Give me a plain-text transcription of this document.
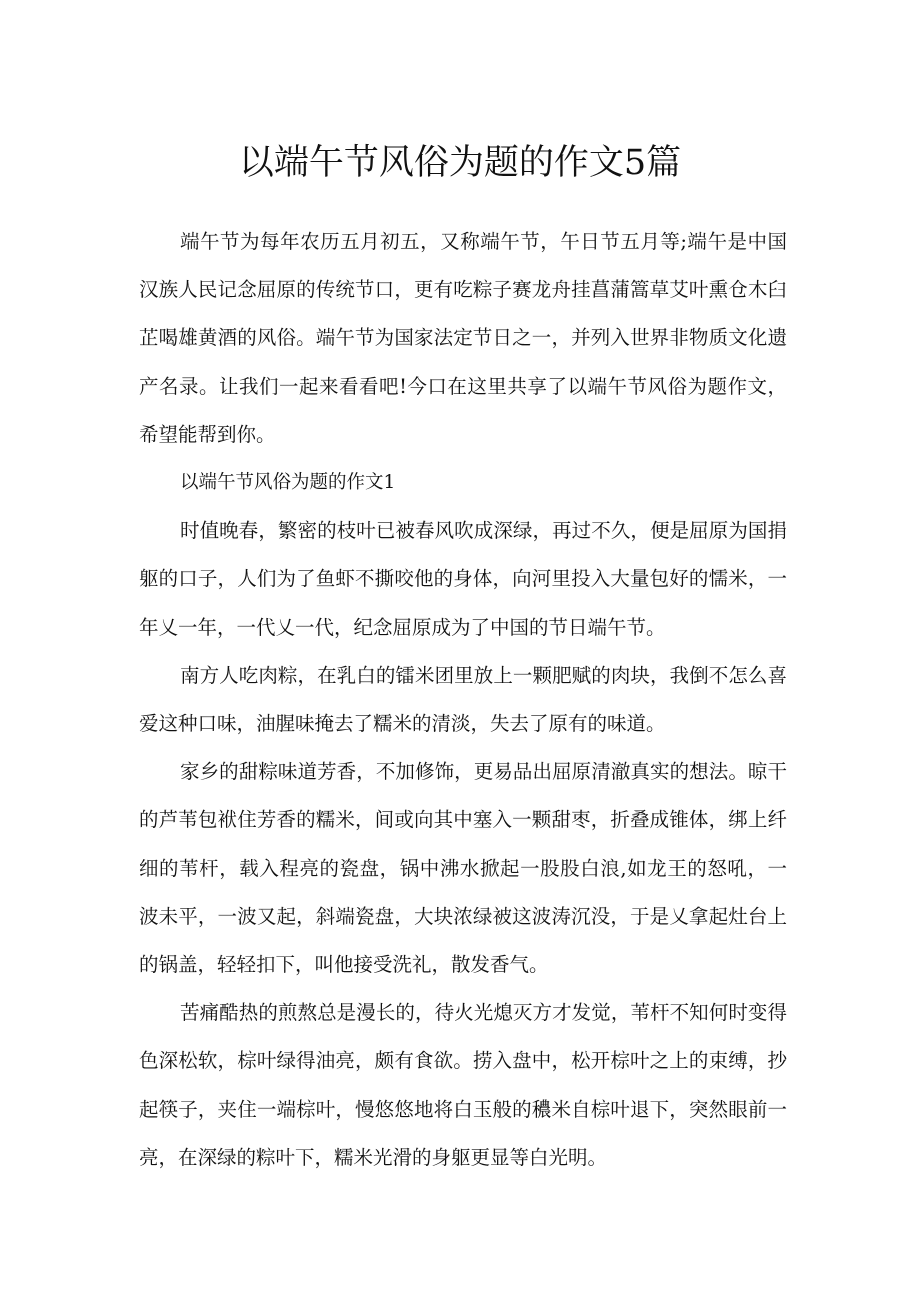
以端午节风俗为题的作文5篇

端午节为每年农历五月初五，又称端午节，午日节五月等;端午是中国汉族人民记念屈原的传统节口，更有吃粽子赛龙舟挂菖蒲篙草艾叶熏仓木臼芷喝雄黄酒的风俗。端午节为国家法定节日之一，并列入世界非物质文化遗产名录。让我们一起来看看吧!今口在这里共享了以端午节风俗为题作文，希望能帮到你。

以端午节风俗为题的作文1

时值晚春，繁密的枝叶已被春风吹成深绿，再过不久，便是屈原为国捐躯的口子，人们为了鱼虾不撕咬他的身体，向河里投入大量包好的懦米，一年乂一年，一代乂一代，纪念屈原成为了中国的节日端午节。

南方人吃肉粽，在乳白的镭米团里放上一颗肥赋的肉块，我倒不怎么喜爱这种口味，油腥味掩去了糯米的清淡，失去了原有的味道。

家乡的甜粽味道芳香，不加修饰，更易品出屈原清澈真实的想法。晾干的芦苇包袱住芳香的糯米，间或向其中塞入一颗甜枣，折叠成锥体，绑上纤细的苇杆，载入程亮的瓷盘，锅中沸水掀起一股股白浪,如龙王的怒吼，一波未平，一波又起，斜端瓷盘，大块浓绿被这波涛沉没，于是乂拿起灶台上的锅盖，轻轻扣下，叫他接受洗礼，散发香气。

苦痛酷热的煎熬总是漫长的，待火光熄灭方才发觉，苇杆不知何时变得色深松软，棕叶绿得油亮，颇有食欲。捞入盘中，松开棕叶之上的束缚，抄起筷子，夹住一端棕叶，慢悠悠地将白玉般的穠米自棕叶退下，突然眼前一亮，在深绿的粽叶下，糯米光滑的身躯更显等白光明。
